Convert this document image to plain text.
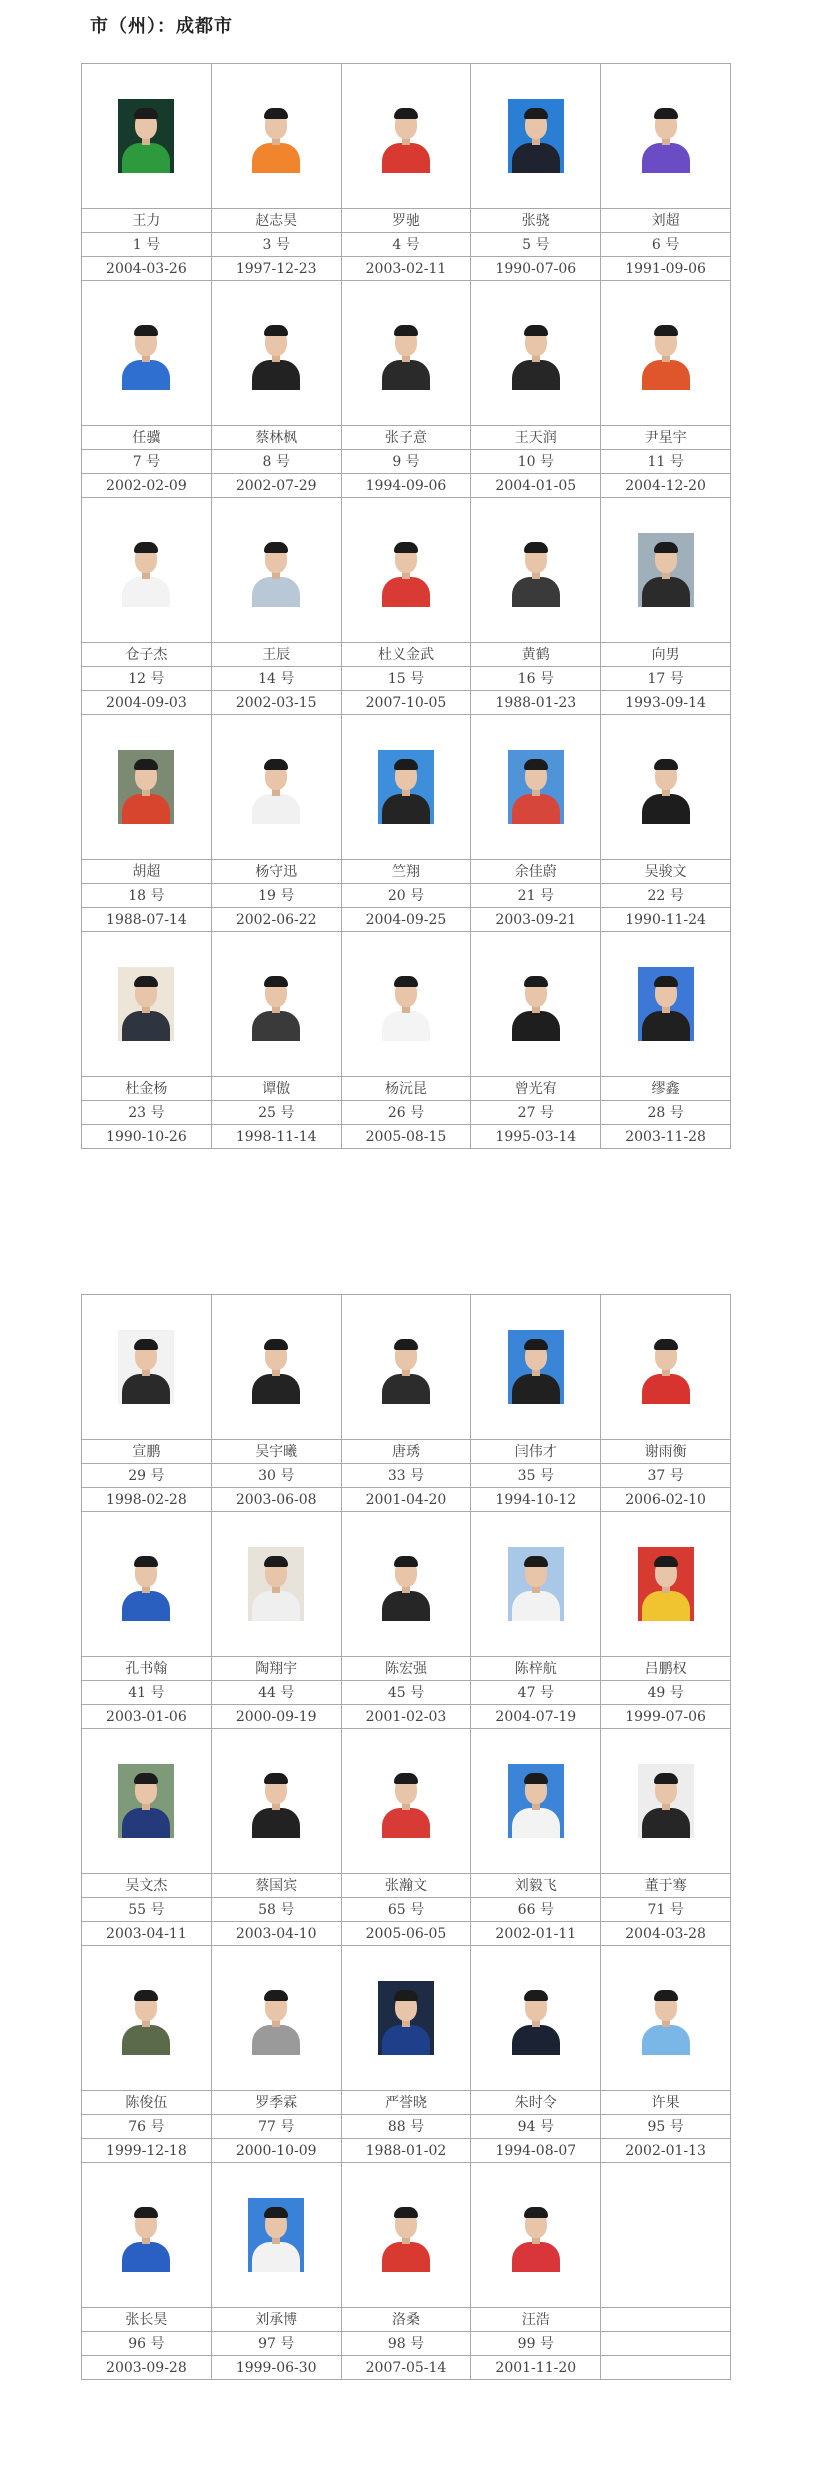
市（州）：成都市

王力	赵志昊	罗驰	张骁	刘超
1 号	3 号	4 号	5 号	6 号
2004-03-26	1997-12-23	2003-02-11	1990-07-06	1991-09-06

任骥	蔡林枫	张子意	王天润	尹星宇
7 号	8 号	9 号	10 号	11 号
2002-02-09	2002-07-29	1994-09-06	2004-01-05	2004-12-20

仓子杰	王辰	杜义金武	黄鹤	向男
12 号	14 号	15 号	16 号	17 号
2004-09-03	2002-03-15	2007-10-05	1988-01-23	1993-09-14

胡超	杨守迅	竺翔	余佳蔚	吴骏文
18 号	19 号	20 号	21 号	22 号
1988-07-14	2002-06-22	2004-09-25	2003-09-21	1990-11-24

杜金杨	谭傲	杨沅昆	曾光宥	缪鑫
23 号	25 号	26 号	27 号	28 号
1990-10-26	1998-11-14	2005-08-15	1995-03-14	2003-11-28

宣鹏	吴宇曦	唐琇	闫伟才	谢雨衡
29 号	30 号	33 号	35 号	37 号
1998-02-28	2003-06-08	2001-04-20	1994-10-12	2006-02-10

孔书翰	陶翔宇	陈宏强	陈梓航	吕鹏权
41 号	44 号	45 号	47 号	49 号
2003-01-06	2000-09-19	2001-02-03	2004-07-19	1999-07-06

吴文杰	蔡国宾	张瀚文	刘毅飞	董于骞
55 号	58 号	65 号	66 号	71 号
2003-04-11	2003-04-10	2005-06-05	2002-01-11	2004-03-28

陈俊伍	罗季霖	严誉晓	朱时令	许果
76 号	77 号	88 号	94 号	95 号
1999-12-18	2000-10-09	1988-01-02	1994-08-07	2002-01-13

张长昊	刘承博	洛桑	汪浩	
96 号	97 号	98 号	99 号	
2003-09-28	1999-06-30	2007-05-14	2001-11-20	
